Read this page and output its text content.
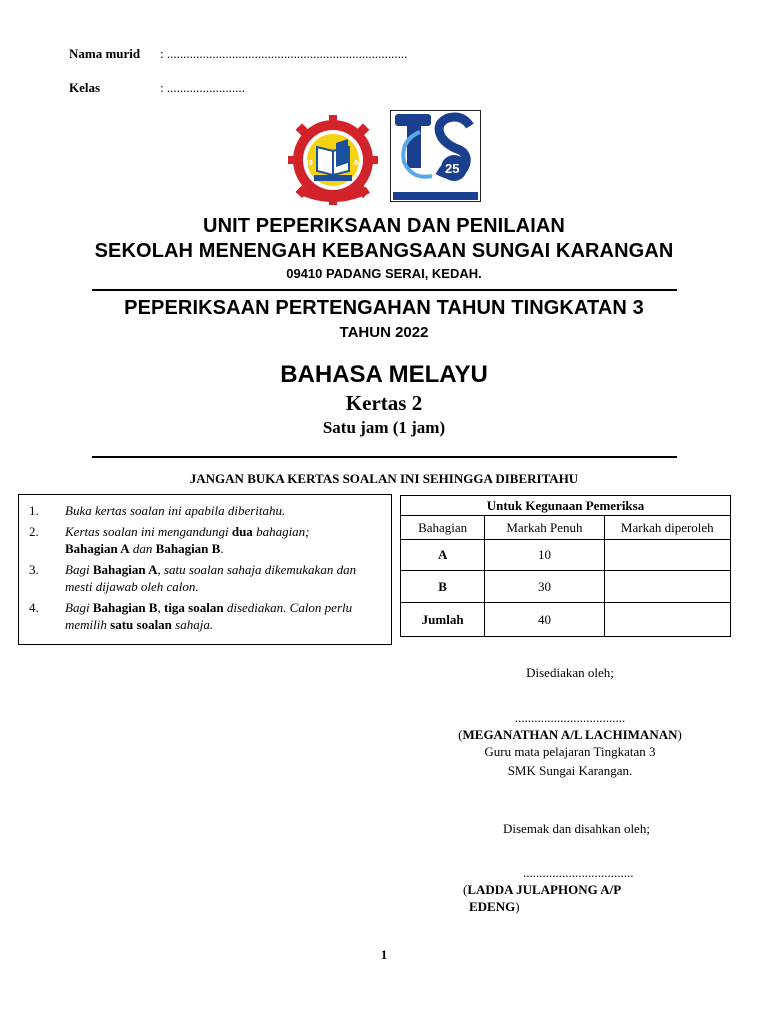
Nama murid : ..........................................................................
Kelas	: ........................
19	84	25
UNIT PEPERIKSAAN DAN PENILAIAN
SEKOLAH MENENGAH KEBANGSAAN SUNGAI KARANGAN
09410 PADANG SERAI, KEDAH.
PEPERIKSAAN PERTENGAHAN TAHUN TINGKATAN 3
TAHUN 2022
BAHASA MELAYU
Kertas 2
Satu jam (1 jam)
JANGAN BUKA KERTAS SOALAN INI SEHINGGA DIBERITAHU
1. Buka kertas soalan ini apabila diberitahu.
2. Kertas soalan ini mengandungi dua bahagian;
Bahagian A dan Bahagian B.
3. Bagi Bahagian A, satu soalan sahaja dikemukakan dan mesti dijawab oleh calon.
4. Bagi Bahagian B, tiga soalan disediakan. Calon perlu memilih satu soalan sahaja.
Untuk Kegunaan Pemeriksa		
Bahagian	Markah Penuh	Markah diperoleh
A	10	
B	30	
Jumlah	40	
Disediakan oleh;
..................................
(MEGANATHAN A/L LACHIMANAN)
Guru mata pelajaran Tingkatan 3
SMK Sungai Karangan.
Disemak dan disahkan oleh;
..................................
(LADDA JULAPHONG A/P
EDENG)
1
